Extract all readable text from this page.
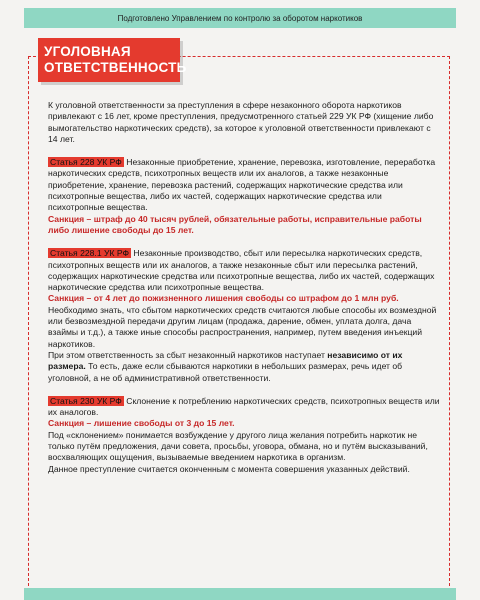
Подготовлено Управлением по контролю за оборотом наркотиков
УГОЛОВНАЯ
ОТВЕТСТВЕННОСТЬ

К уголовной ответственности за преступления в сфере незаконного оборота наркотиков привлекают с 16 лет, кроме преступления, предусмотренного статьей 229 УК РФ (хищение либо вымогательство наркотических средств), за которое к уголовной ответственности привлекают с 14 лет.

Статья 228 УК РФ Незаконные приобретение, хранение, перевозка, изготовление, переработка наркотических средств, психотропных веществ или их аналогов, а также незаконные приобретение, хранение, перевозка растений, содержащих наркотические средства или психотропные вещества, либо их частей, содержащих наркотические средства или психотропные вещества.

Санкция – штраф до 40 тысяч рублей, обязательные работы, исправительные работы либо лишение свободы до 15 лет.

Статья 228.1 УК РФ Незаконные производство, сбыт или пересылка наркотических средств, психотропных веществ или их аналогов, а также незаконные сбыт или пересылка растений, содержащих наркотические средства или психотропные вещества, либо их частей, содержащих наркотические средства или психотропные вещества.

Санкция – от 4 лет до пожизненного лишения свободы со штрафом до 1 млн руб.

Необходимо знать, что сбытом наркотических средств считаются любые способы их возмездной или безвозмездной передачи другим лицам (продажа, дарение, обмен, уплата долга, дача взаймы и т.д.), а также иные способы распространения, например, путем введения инъекций наркотиков.

При этом ответственность за сбыт незаконный наркотиков наступает независимо от их размера. То есть, даже если сбываются наркотики в небольших размерах, речь идет об уголовной, а не об административной ответственности.

Статья 230 УК РФ Склонение к потреблению наркотических средств, психотропных веществ или их аналогов.

Санкция – лишение свободы от 3 до 15 лет.

Под «склонением» понимается возбуждение у другого лица желания потребить наркотик не только путём предложения, дачи совета, просьбы, уговора, обмана, но и путём высказываний, восхваляющих ощущения, вызываемые введением наркотика в организм.

Данное преступление считается оконченным с момента совершения указанных действий.
